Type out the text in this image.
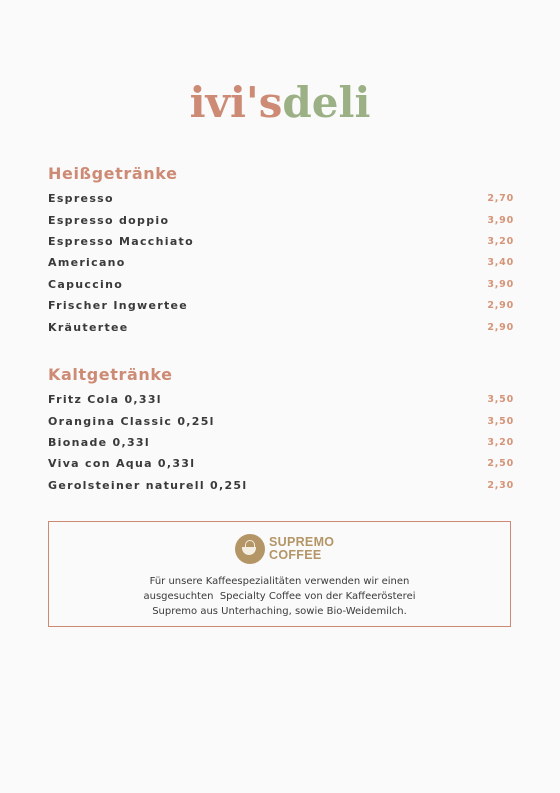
ivi'sdeli
Heißgetränke
Espresso	2,70
Espresso doppio	3,90
Espresso Macchiato	3,20
Americano	3,40
Capuccino	3,90
Frischer Ingwertee	2,90
Kräutertee	2,90
Kaltgetränke
Fritz Cola 0,33l	3,50
Orangina Classic 0,25l	3,50
Bionade 0,33l	3,20
Viva con Aqua 0,33l	2,50
Gerolsteiner naturell 0,25l	2,30
SUPREMO
COFFEE
Für unsere Kaffeespezialitäten verwenden wir einen
ausgesuchten  Specialty Coffee von der Kaffeerösterei
Supremo aus Unterhaching, sowie Bio-Weidemilch.
